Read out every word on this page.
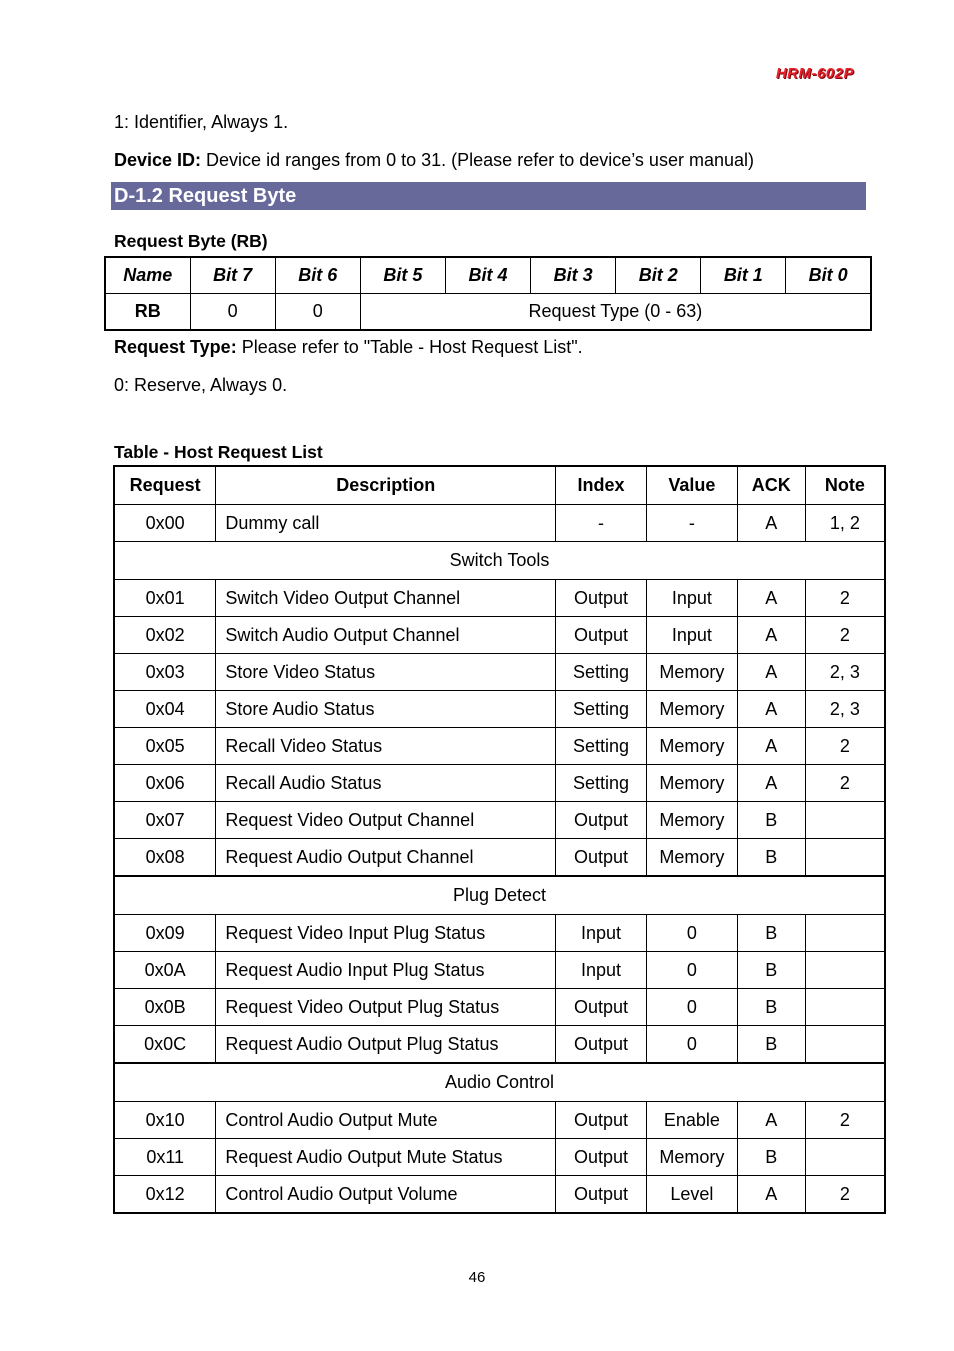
HRM-602P
1: Identifier, Always 1.
Device ID: Device id ranges from 0 to 31. (Please refer to device’s user manual)
D-1.2 Request Byte
Request Byte (RB)
Name	Bit 7	Bit 6	Bit 5	Bit 4	Bit 3	Bit 2	Bit 1	Bit 0
RB	0	0	Request Type (0 - 63)					
Request Type: Please refer to "Table - Host Request List".
0: Reserve, Always 0.
Table - Host Request List
Request	Description	Index	Value	ACK	Note
0x00	Dummy call	-	-	A	1, 2
Switch Tools					
0x01	Switch Video Output Channel	Output	Input	A	2
0x02	Switch Audio Output Channel	Output	Input	A	2
0x03	Store Video Status	Setting	Memory	A	2, 3
0x04	Store Audio Status	Setting	Memory	A	2, 3
0x05	Recall Video Status	Setting	Memory	A	2
0x06	Recall Audio Status	Setting	Memory	A	2
0x07	Request Video Output Channel	Output	Memory	B	
0x08	Request Audio Output Channel	Output	Memory	B	
Plug Detect					
0x09	Request Video Input Plug Status	Input	0	B	
0x0A	Request Audio Input Plug Status	Input	0	B	
0x0B	Request Video Output Plug Status	Output	0	B	
0x0C	Request Audio Output Plug Status	Output	0	B	
Audio Control					
0x10	Control Audio Output Mute	Output	Enable	A	2
0x11	Request Audio Output Mute Status	Output	Memory	B	
0x12	Control Audio Output Volume	Output	Level	A	2
46
